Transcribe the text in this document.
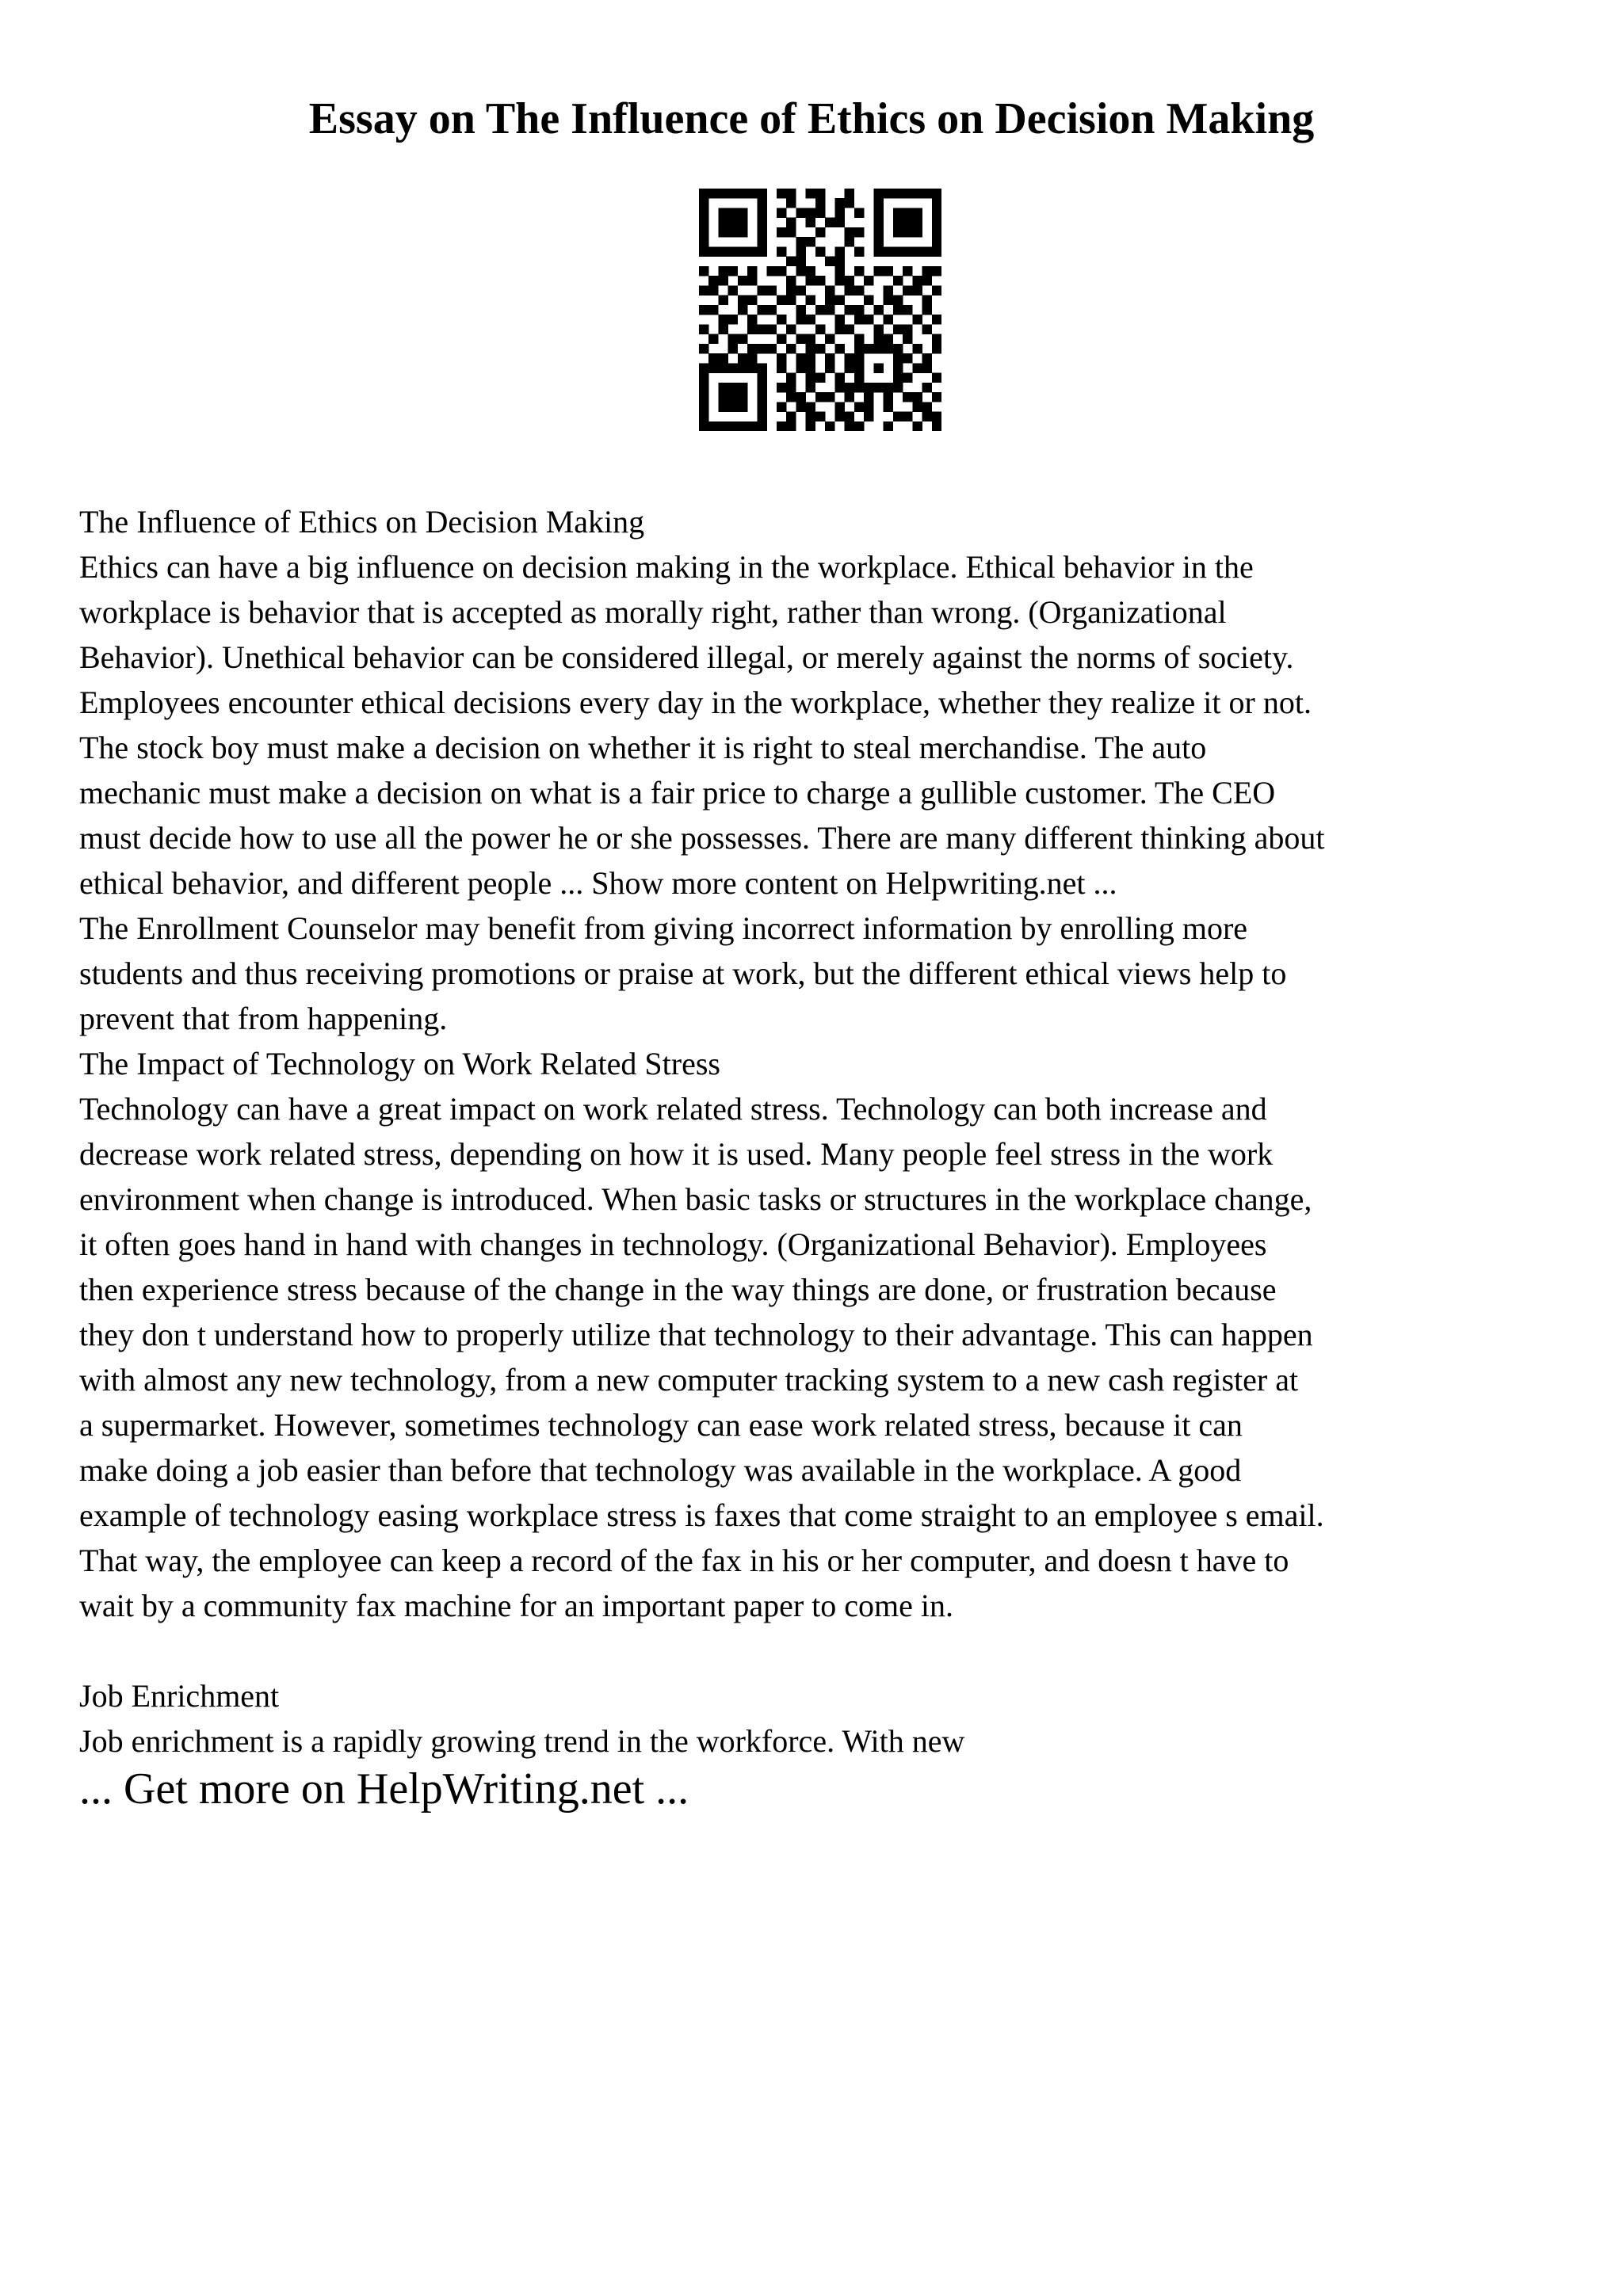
Essay on The Influence of Ethics on Decision Making
The Influence of Ethics on Decision Making
Ethics can have a big influence on decision making in the workplace. Ethical behavior in the
workplace is behavior that is accepted as morally right, rather than wrong. (Organizational
Behavior). Unethical behavior can be considered illegal, or merely against the norms of society.
Employees encounter ethical decisions every day in the workplace, whether they realize it or not.
The stock boy must make a decision on whether it is right to steal merchandise. The auto
mechanic must make a decision on what is a fair price to charge a gullible customer. The CEO
must decide how to use all the power he or she possesses. There are many different thinking about
ethical behavior, and different people ... Show more content on Helpwriting.net ...
The Enrollment Counselor may benefit from giving incorrect information by enrolling more
students and thus receiving promotions or praise at work, but the different ethical views help to
prevent that from happening.
The Impact of Technology on Work Related Stress
Technology can have a great impact on work related stress. Technology can both increase and
decrease work related stress, depending on how it is used. Many people feel stress in the work
environment when change is introduced. When basic tasks or structures in the workplace change,
it often goes hand in hand with changes in technology. (Organizational Behavior). Employees
then experience stress because of the change in the way things are done, or frustration because
they don t understand how to properly utilize that technology to their advantage. This can happen
with almost any new technology, from a new computer tracking system to a new cash register at
a supermarket. However, sometimes technology can ease work related stress, because it can
make doing a job easier than before that technology was available in the workplace. A good
example of technology easing workplace stress is faxes that come straight to an employee s email.
That way, the employee can keep a record of the fax in his or her computer, and doesn t have to
wait by a community fax machine for an important paper to come in.

Job Enrichment
Job enrichment is a rapidly growing trend in the workforce. With new
... Get more on HelpWriting.net ...
